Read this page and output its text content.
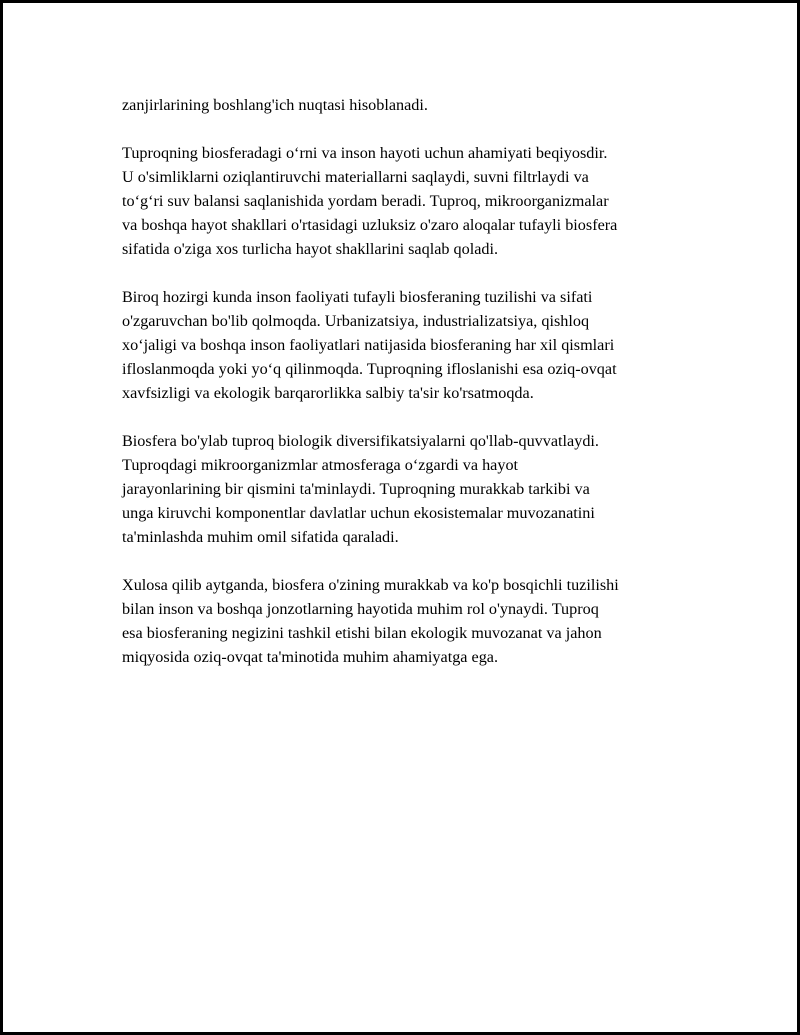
zanjirlarining boshlang'ich nuqtasi hisoblanadi.

Tuproqning biosferadagi oʻrni va inson hayoti uchun ahamiyati beqiyosdir.
U o'simliklarni oziqlantiruvchi materiallarni saqlaydi, suvni filtrlaydi va
toʻgʻri suv balansi saqlanishida yordam beradi. Tuproq, mikroorganizmalar
va boshqa hayot shakllari o'rtasidagi uzluksiz o'zaro aloqalar tufayli biosfera
sifatida o'ziga xos turlicha hayot shakllarini saqlab qoladi.

Biroq hozirgi kunda inson faoliyati tufayli biosferaning tuzilishi va sifati
o'zgaruvchan bo'lib qolmoqda. Urbanizatsiya, industrializatsiya, qishloq
xoʻjaligi va boshqa inson faoliyatlari natijasida biosferaning har xil qismlari
ifloslanmoqda yoki yoʻq qilinmoqda. Tuproqning ifloslanishi esa oziq-ovqat
xavfsizligi va ekologik barqarorlikka salbiy ta'sir ko'rsatmoqda.

Biosfera bo'ylab tuproq biologik diversifikatsiyalarni qo'llab-quvvatlaydi.
Tuproqdagi mikroorganizmlar atmosferaga oʻzgardi va hayot
jarayonlarining bir qismini ta'minlaydi. Tuproqning murakkab tarkibi va
unga kiruvchi komponentlar davlatlar uchun ekosistemalar muvozanatini
ta'minlashda muhim omil sifatida qaraladi.

Xulosa qilib aytganda, biosfera o'zining murakkab va ko'p bosqichli tuzilishi
bilan inson va boshqa jonzotlarning hayotida muhim rol o'ynaydi. Tuproq
esa biosferaning negizini tashkil etishi bilan ekologik muvozanat va jahon
miqyosida oziq-ovqat ta'minotida muhim ahamiyatga ega.
